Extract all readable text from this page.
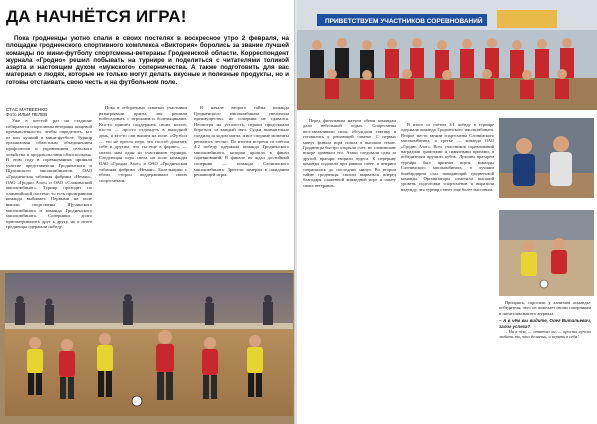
ДА НАЧНЁТСЯ ИГРА!
Пока гродненцы уютно спали в своих постелях в воскресное утро 2 февраля, на площадке гродненского спортивного комплекса «Виктория» боролись за звание лучшей команды по мини-футболу спортсмены-ветераны Гродненской области. Корреспондент журнала «Гродно» решил побывать на турнире и поделиться с читателями толикой азарта и настоящим духом «мужского» соперничества. А также подготовить для вас материал о людях, которые не только могут делать вкусные и полезные продукты, но и готовы отстаивать свою честь и на футбольном поле.
СТАС МАТВЕЕНКО
Фото ИЛЬИ ПЕЛЕВ

Уже в шестой раз на стадионе собираются спортсмены ветераны пищевой промышленности, чтобы определить, кто из них лучший в мини-футболе. Турнир организован областным объединением профсоюзов и управлением сельского хозяйства и продовольствия облисполкома. В этом году в соревнованиях приняли участие представители Гродненского и Щучинского мясокомбинатов, ОАО «Гродненская табачная фабрика «Неман», ОАО «Гродно Азот» и ОАО «Слонимский мясокомбинат». Турнир проходит по олимпийской системе, то есть проигравшая команда выбывает. Первыми на поле вышли спортсмены Щучинского мясокомбината и команда Гродненского мясокомбината. Соперники долго присматривались друг к другу, но в итоге гродненцы одержали победу.

Пока в отборочных схватках участники разыгрывали призы, мы решили побеседовать с игроками и болельщиками. Кто-то пришёл поддержать своих коллег, кто-то — просто отдохнуть в выходной день, а кто-то сам вышел на поле. «Футбол — это не просто игра, это способ доказать себе и другим, что ты ещё в форме», — сказал нам один из участников турнира. Следующая игра свела на поле команды ОАО «Гродно Азот» и ОАО «Гродненская табачная фабрика «Неман». Болельщики с обеих сторон поддерживали своих спортсменов.

В начале второго тайма команда Гродненского мясокомбината увеличила преимущество, но соперник не сдавался. Несмотря на усталость, игроки продолжали бороться за каждый мяч. Судьи внимательно следили за ходом матча, и все спорные моменты решались честно. По итогам встречи со счётом 4:2 победу одержала команда Гродненского мясокомбината, которая прошла в финал соревнований. В финале их ждал достойный соперник — команда Слонимского мясокомбината. Зрители замерли в ожидании решающей игры.

ПРИВЕТСТВУЕМ УЧАСТНИКОВ СОРЕВНОВАНИЙ

Перед финальным матчем обеим командам дали небольшой отдых. Спортсмены восстанавливали силы, обсуждали тактику и готовились к решающей схватке. С первых минут финала игра пошла в высоком темпе. Гродненцы быстро открыли счёт, но слонимчане вскоре сравняли его. Атаки следовали одна за другой, вратари творили чудеса. К перерыву команды подошли при равном счёте, и интрига сохранялась до последних минут. Во втором тайме гродненцы смогли вырваться вперёд благодаря слаженной командной игре и опыту своих ветеранов.

В итоге со счётом 3:1 победу в турнире одержала команда Гродненского мясокомбината. Второе место заняли спортсмены Слонимского мясокомбината, а третье — команда ОАО «Гродно Азот». Всех участников соревнований наградили грамотами и памятными призами, а победителям вручили кубок. Лучшим вратарём турнира был признан игрок команды Слонимского мясокомбината, а лучшим бомбардиром стал нападающий гродненской команды. Организаторы отметили высокий уровень подготовки спортсменов и выразили надежду, что турнир станет ещё более массовым.

Прощаясь, спросили у капитана команды-победителя, чего он пожелает своим соперникам и читателям нашего журнала.

– А в чём вы видите, Олег Витальевич, залог успеха?

– Ни в чём, — ответил он, — просто нужно любить то, что делаешь, и верить в себя!
